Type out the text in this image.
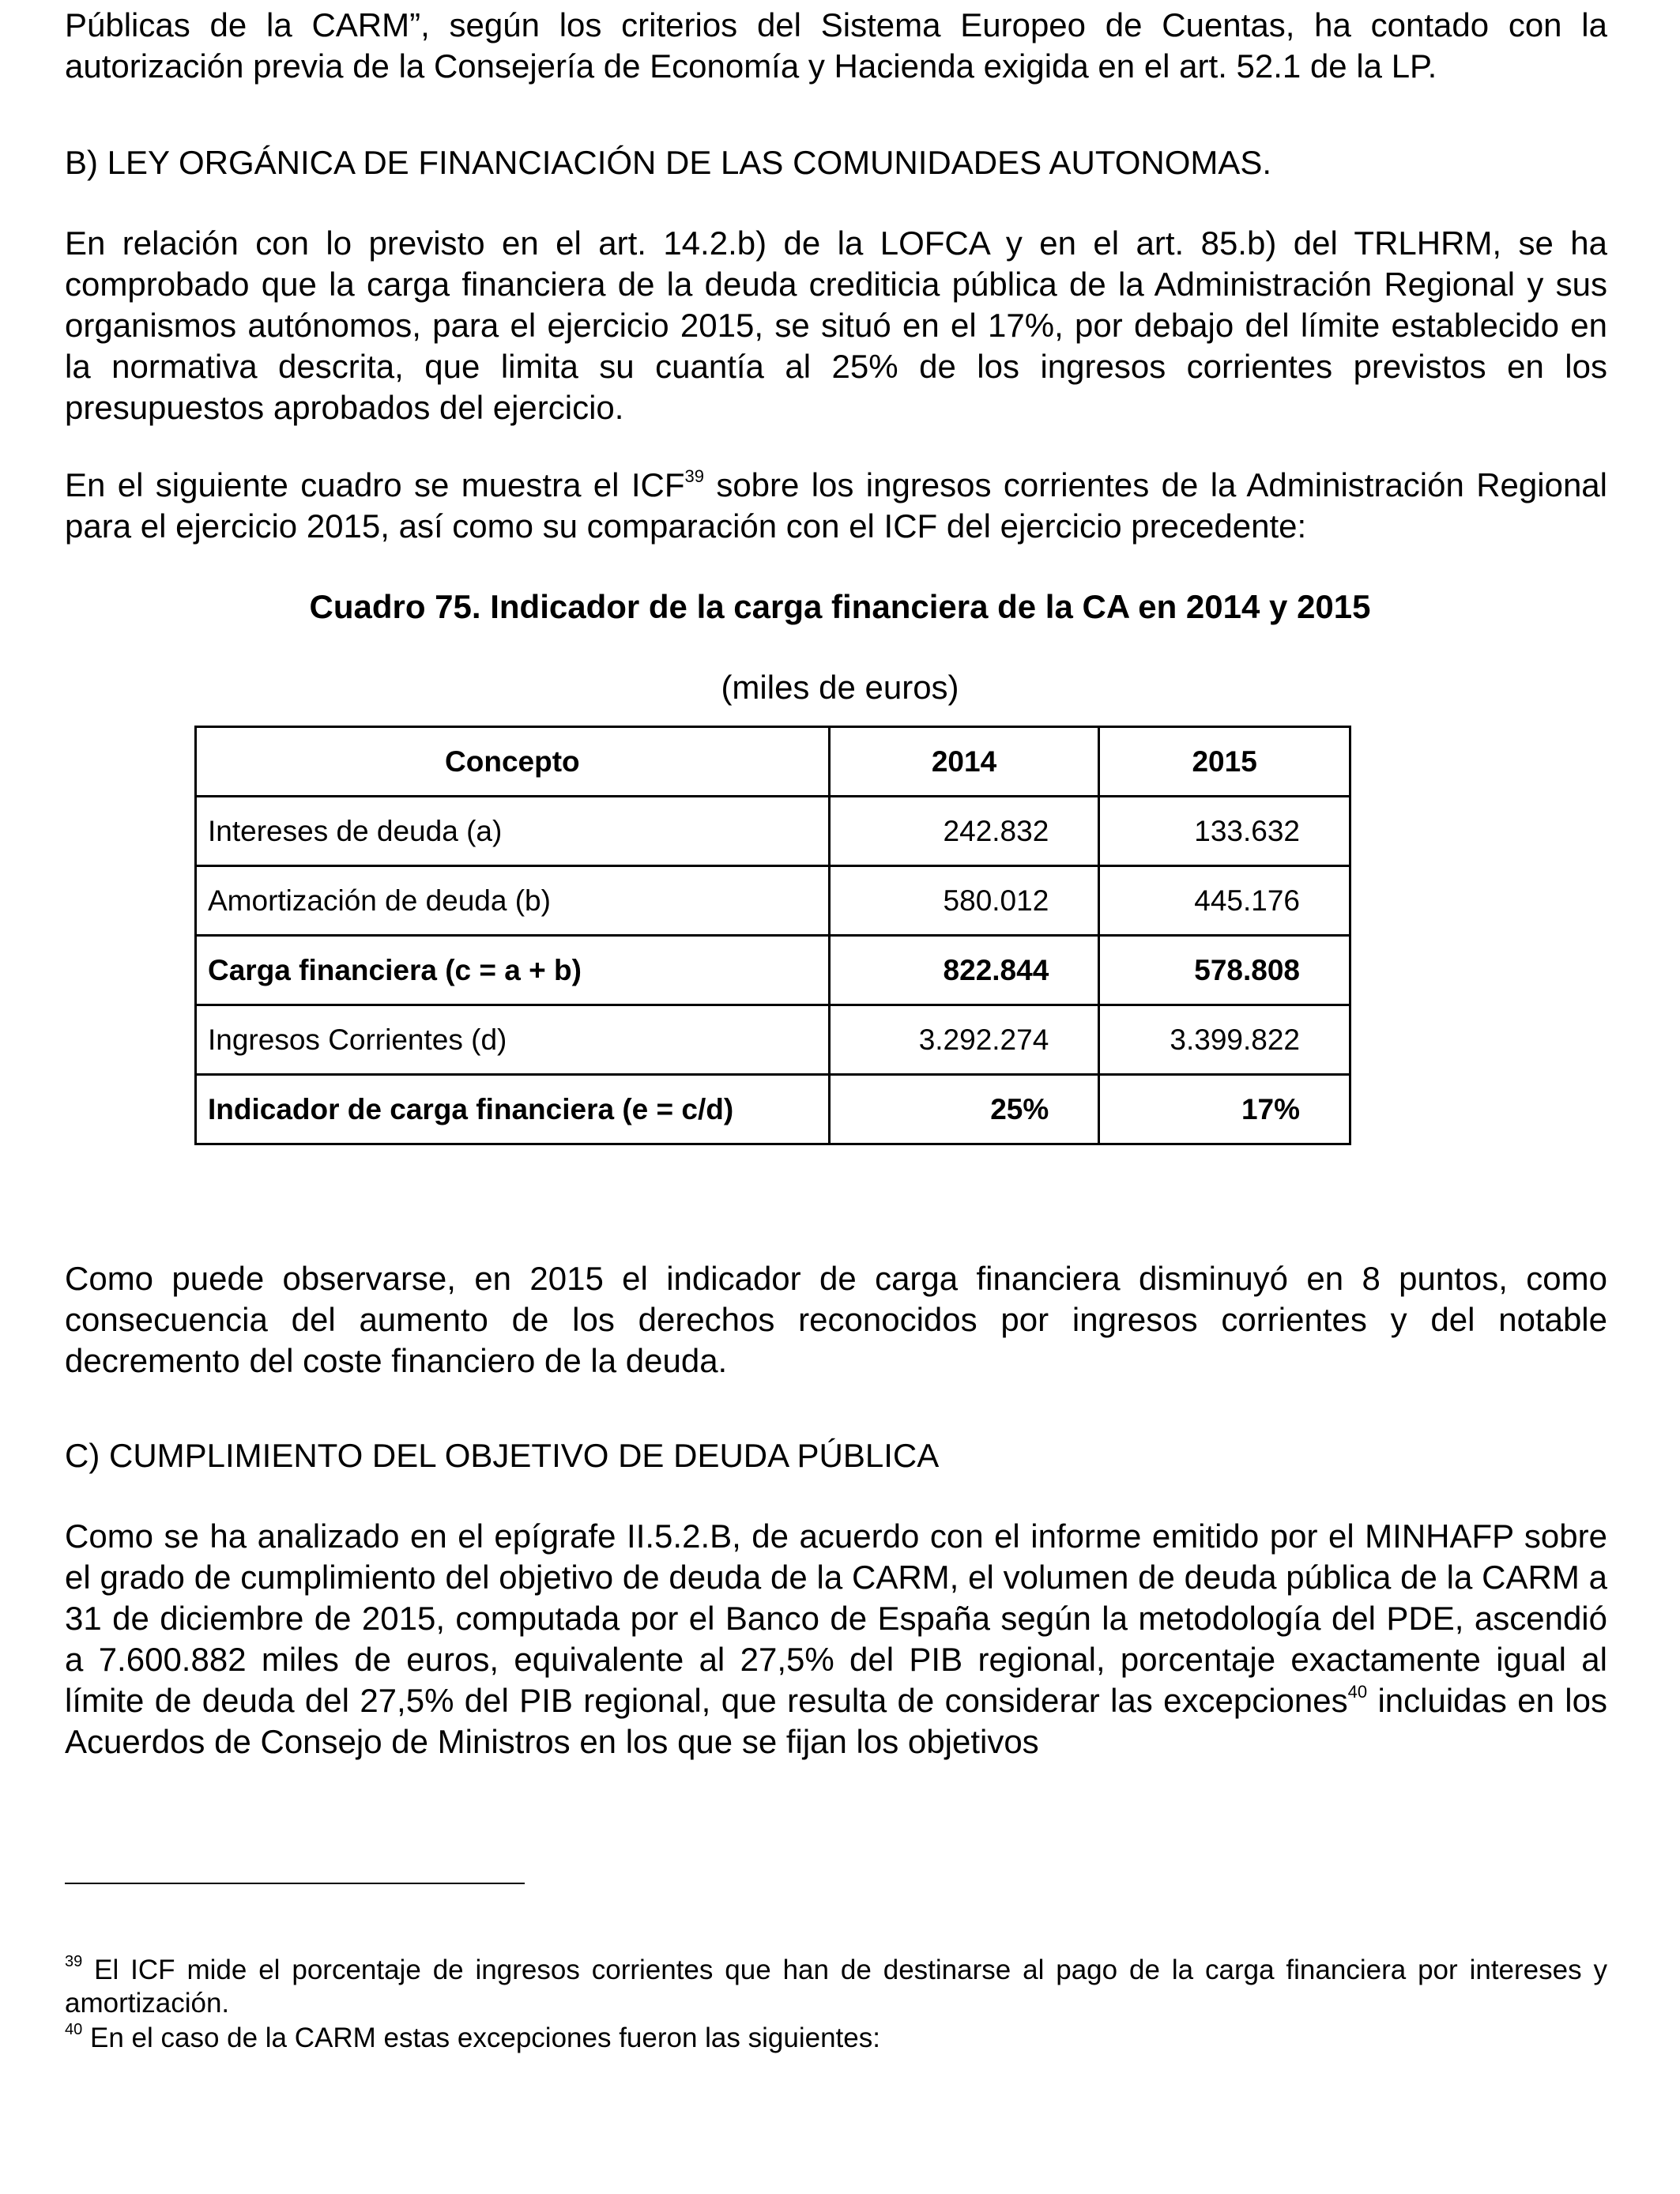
Públicas de la CARM”, según los criterios del Sistema Europeo de Cuentas, ha contado con la autorización previa de la Consejería de Economía y Hacienda exigida en el art. 52.1 de la LP.

B) LEY ORGÁNICA DE FINANCIACIÓN DE LAS COMUNIDADES AUTONOMAS.

En relación con lo previsto en el art. 14.2.b) de la LOFCA y en el art. 85.b) del TRLHRM, se ha comprobado que la carga financiera de la deuda crediticia pública de la Administración Regional y sus organismos autónomos, para el ejercicio 2015, se situó en el 17%, por debajo del límite establecido en la normativa descrita, que limita su cuantía al 25% de los ingresos corrientes previstos en los presupuestos aprobados del ejercicio.

En el siguiente cuadro se muestra el ICF$^{39}$ sobre los ingresos corrientes de la Administración Regional para el ejercicio 2015, así como su comparación con el ICF del ejercicio precedente:

Cuadro 75. Indicador de la carga financiera de la CA en 2014 y 2015
(miles de euros)

Como puede observarse, en 2015 el indicador de carga financiera disminuyó en 8 puntos, como consecuencia del aumento de los derechos reconocidos por ingresos corrientes y del notable decremento del coste financiero de la deuda.

C) CUMPLIMIENTO DEL OBJETIVO DE DEUDA PÚBLICA

Como se ha analizado en el epígrafe II.5.2.B, de acuerdo con el informe emitido por el MINHAFP sobre el grado de cumplimiento del objetivo de deuda de la CARM, el volumen de deuda pública de la CARM a 31 de diciembre de 2015, computada por el Banco de España según la metodología del PDE, ascendió a 7.600.882 miles de euros, equivalente al 27,5% del PIB regional, porcentaje exactamente igual al límite de deuda del 27,5% del PIB regional, que resulta de considerar las excepciones$^{40}$ incluidas en los Acuerdos de Consejo de Ministros en los que se fijan los objetivos

$^{39}$ El ICF mide el porcentaje de ingresos corrientes que han de destinarse al pago de la carga financiera por intereses y amortización.

$^{40}$ En el caso de la CARM estas excepciones fueron las siguientes:

Concepto	2014	2015
Intereses de deuda (a)	242.832	133.632
Amortización de deuda (b)	580.012	445.176
Carga financiera (c = a + b)	822.844	578.808
Ingresos Corrientes (d)	3.292.274	3.399.822
Indicador de carga financiera (e = c/d)	25%	17%
